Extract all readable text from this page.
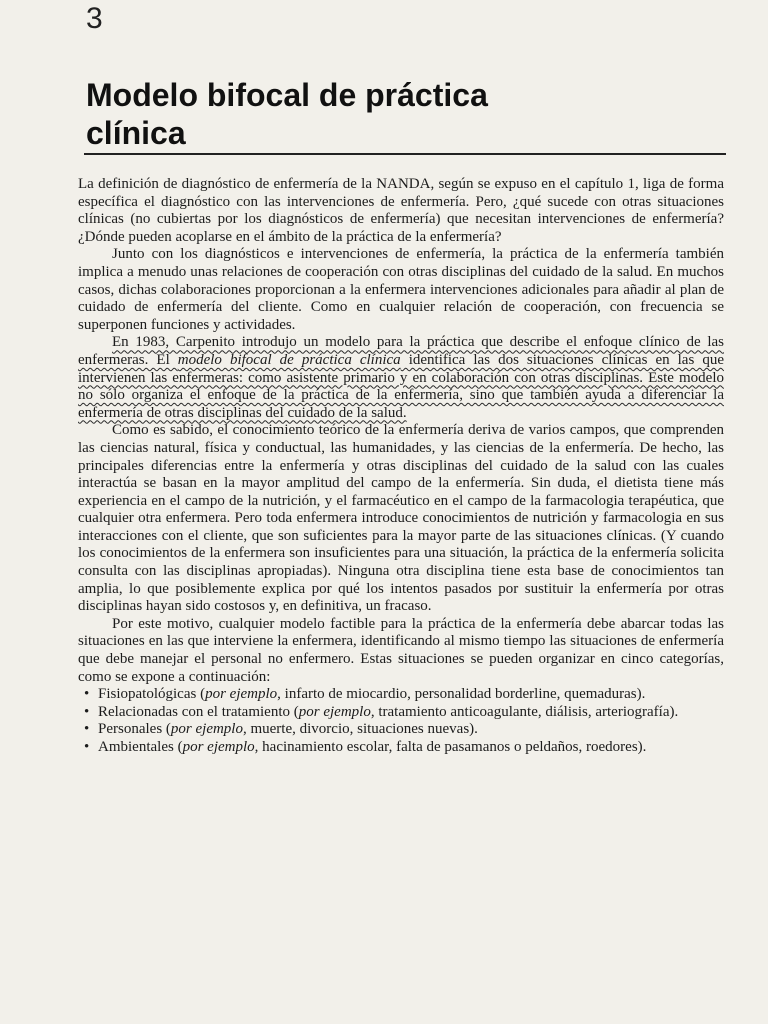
3
Modelo bifocal de práctica
clínica

La definición de diagnóstico de enfermería de la NANDA, según se expuso en el capítulo 1, liga de forma específica el diagnóstico con las intervenciones de enfermería. Pero, ¿qué sucede con otras situaciones clínicas (no cubiertas por los diagnósticos de enfermería) que necesitan intervenciones de enfermería? ¿Dónde pueden acoplarse en el ámbito de la práctica de la enfermería?

Junto con los diagnósticos e intervenciones de enfermería, la práctica de la enfermería también implica a menudo unas relaciones de cooperación con otras disciplinas del cuidado de la salud. En muchos casos, dichas colaboraciones proporcionan a la enfermera intervenciones adicionales para añadir al plan de cuidado de enfermería del cliente. Como en cualquier relación de cooperación, con frecuencia se superponen funciones y actividades.

En 1983, Carpenito introdujo un modelo para la práctica que describe el enfoque clínico de las enfermeras. El modelo bifocal de práctica clínica identifica las dos situaciones clínicas en las que intervienen las enfermeras: como asistente primario y en colaboración con otras disciplinas. Este modelo no sólo organiza el enfoque de la práctica de la enfermería, sino que también ayuda a diferenciar la enfermería de otras disciplinas del cuidado de la salud.

Como es sabido, el conocimiento teórico de la enfermería deriva de varios campos, que comprenden las ciencias natural, física y conductual, las humanidades, y las ciencias de la enfermería. De hecho, las principales diferencias entre la enfermería y otras disciplinas del cuidado de la salud con las cuales interactúa se basan en la mayor amplitud del campo de la enfermería. Sin duda, el dietista tiene más experiencia en el campo de la nutrición, y el farmacéutico en el campo de la farmacologia terapéutica, que cualquier otra enfermera. Pero toda enfermera introduce conocimientos de nutrición y farmacologia en sus interacciones con el cliente, que son suficientes para la mayor parte de las situaciones clínicas. (Y cuando los conocimientos de la enfermera son insuficientes para una situación, la práctica de la enfermería solicita consulta con las disciplinas apropiadas). Ninguna otra disciplina tiene esta base de conocimientos tan amplia, lo que posiblemente explica por qué los intentos pasados por sustituir la enfermería por otras disciplinas hayan sido costosos y, en definitiva, un fracaso.

Por este motivo, cualquier modelo factible para la práctica de la enfermería debe abarcar todas las situaciones en las que interviene la enfermera, identificando al mismo tiempo las situaciones de enfermería que debe manejar el personal no enfermero. Estas situaciones se pueden organizar en cinco categorías, como se expone a continuación:

• Fisiopatológicas (por ejemplo, infarto de miocardio, personalidad borderline, quemaduras).
• Relacionadas con el tratamiento (por ejemplo, tratamiento anticoagulante, diálisis, arteriografía).
• Personales (por ejemplo, muerte, divorcio, situaciones nuevas).
• Ambientales (por ejemplo, hacinamiento escolar, falta de pasamanos o peldaños, roedores).
